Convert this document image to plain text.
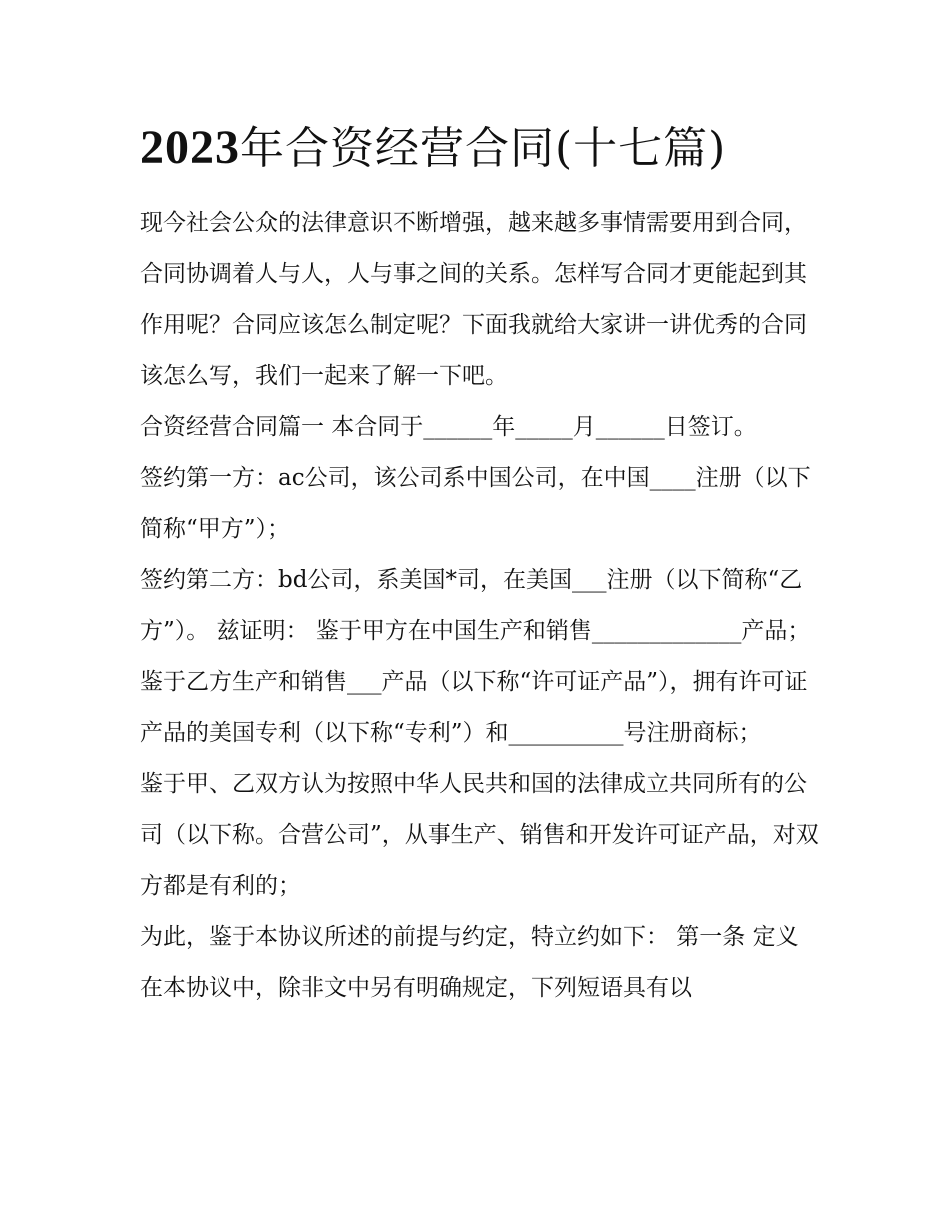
2023年合资经营合同(十七篇)

现今社会公众的法律意识不断增强，越来越多事情需要用到合同，合同协调着人与人，人与事之间的关系。怎样写合同才更能起到其作用呢？合同应该怎么制定呢？下面我就给大家讲一讲优秀的合同该怎么写，我们一起来了解一下吧。

合资经营合同篇一 本合同于______年_____月______日签订。

签约第一方：ac公司，该公司系中国公司，在中国____注册（以下简称“甲方”）；

签约第二方：bd公司，系美国*司，在美国___注册（以下简称“乙方”）。 兹证明： 鉴于甲方在中国生产和销售_____________产品；

鉴于乙方生产和销售___产品（以下称“许可证产品”），拥有许可证产品的美国专利（以下称“专利”）和__________号注册商标；

鉴于甲、乙双方认为按照中华人民共和国的法律成立共同所有的公司（以下称。合营公司”，从事生产、销售和开发许可证产品，对双方都是有利的；

为此，鉴于本协议所述的前提与约定，特立约如下： 第一条 定义 在本协议中，除非文中另有明确规定，下列短语具有以
